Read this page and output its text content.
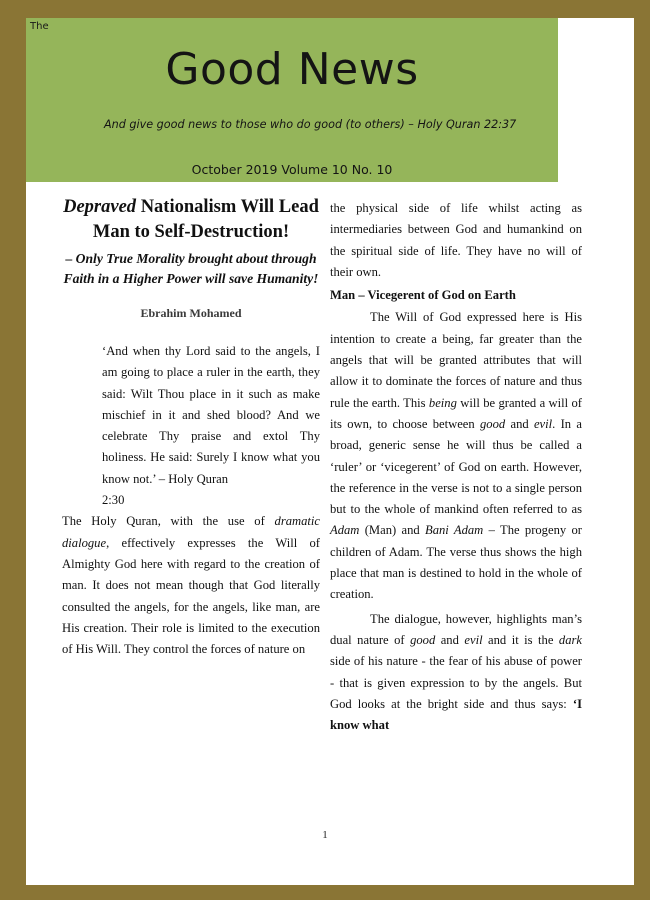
The
Good News
And give good news to those who do good (to others) – Holy Quran 22:37
October 2019 Volume 10 No. 10
Depraved Nationalism Will Lead Man to Self-Destruction!
– Only True Morality brought about through Faith in a Higher Power will save Humanity!
Ebrahim Mohamed
‘And when thy Lord said to the angels, I am going to place a ruler in the earth, they said: Wilt Thou place in it such as make mischief in it and shed blood? And we celebrate Thy praise and extol Thy holiness. He said: Surely I know what you know not.’ – Holy Quran
2:30

The Holy Quran, with the use of dramatic dialogue, effectively expresses the Will of Almighty God here with regard to the creation of man. It does not mean though that God literally consulted the angels, for the angels, like man, are His creation. Their role is limited to the execution of His Will. They control the forces of nature on

the physical side of life whilst acting as intermediaries between God and humankind on the spiritual side of life. They have no will of their own.

Man – Vicegerent of God on Earth

The Will of God expressed here is His intention to create a being, far greater than the angels that will be granted attributes that will allow it to dominate the forces of nature and thus rule the earth. This being will be granted a will of its own, to choose between good and evil. In a broad, generic sense he will thus be called a ‘ruler’ or ‘vicegerent’ of God on earth. However, the reference in the verse is not to a single person but to the whole of mankind often referred to as Adam (Man) and Bani Adam – The progeny or children of Adam. The verse thus shows the high place that man is destined to hold in the whole of creation.

The dialogue, however, highlights man’s dual nature of good and evil and it is the dark side of his nature - the fear of his abuse of power - that is given expression to by the angels. But God looks at the bright side and thus says: ‘I know what

1
